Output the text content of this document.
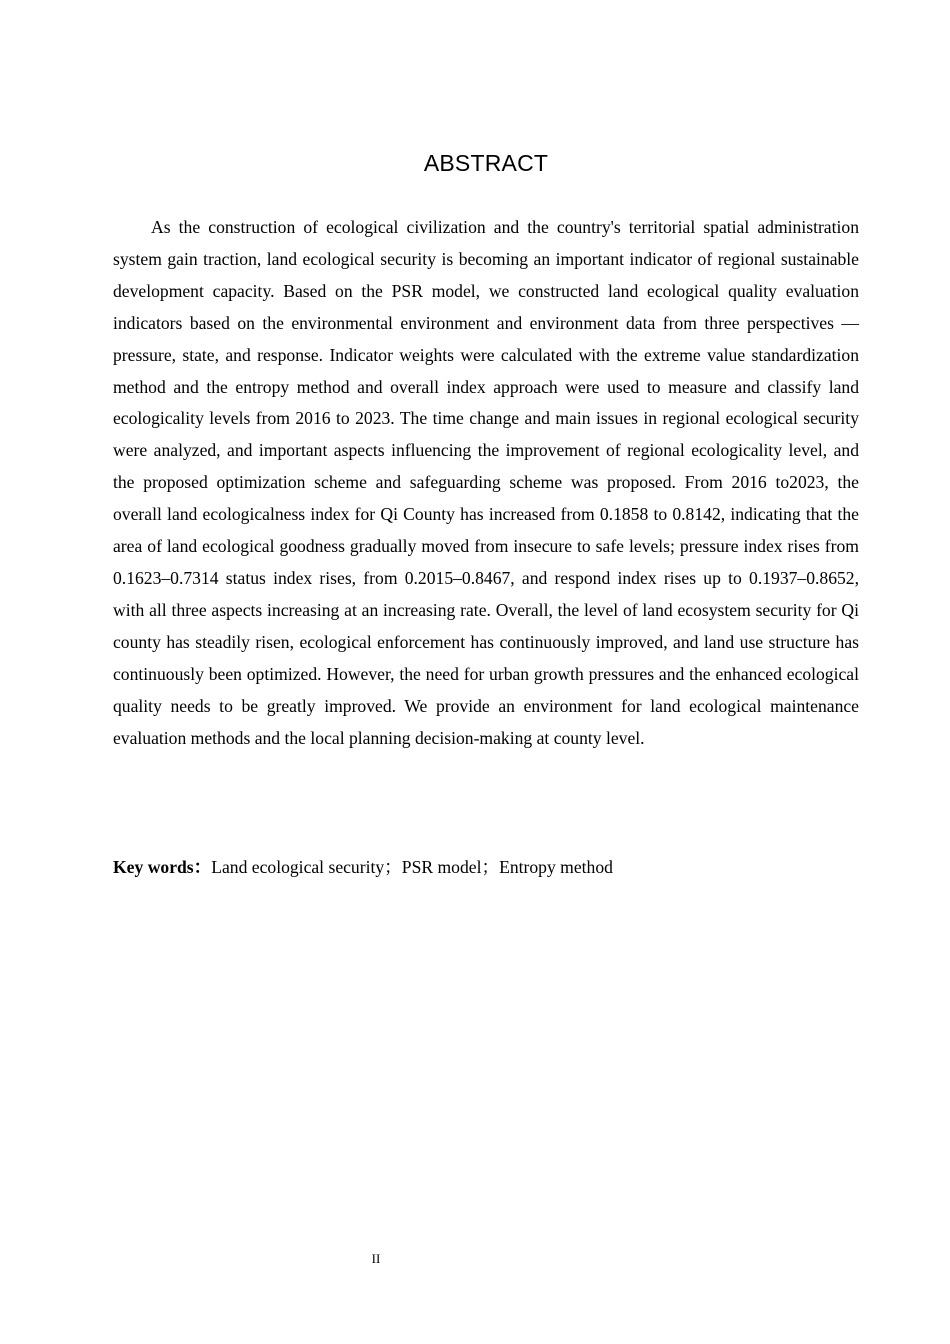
ABSTRACT

As the construction of ecological civilization and the country's territorial spatial administration system gain traction, land ecological security is becoming an important indicator of regional sustainable development capacity. Based on the PSR model, we constructed land ecological quality evaluation indicators based on the environmental environment and environment data from three perspectives — pressure, state, and response. Indicator weights were calculated with the extreme value standardization method and the entropy method and overall index approach were used to measure and classify land ecologicality levels from 2016 to 2023. The time change and main issues in regional ecological security were analyzed, and important aspects influencing the improvement of regional ecologicality level, and the proposed optimization scheme and safeguarding scheme was proposed. From 2016 to2023, the overall land ecologicalness index for Qi County has increased from 0.1858 to 0.8142, indicating that the area of land ecological goodness gradually moved from insecure to safe levels; pressure index rises from 0.1623–0.7314 status index rises, from 0.2015–0.8467, and respond index rises up to 0.1937–0.8652, with all three aspects increasing at an increasing rate. Overall, the level of land ecosystem security for Qi county has steadily risen, ecological enforcement has continuously improved, and land use structure has continuously been optimized. However, the need for urban growth pressures and the enhanced ecological quality needs to be greatly improved. We provide an environment for land ecological maintenance evaluation methods and the local planning decision-making at county level.

Key words：Land ecological security；PSR model；Entropy method

II
